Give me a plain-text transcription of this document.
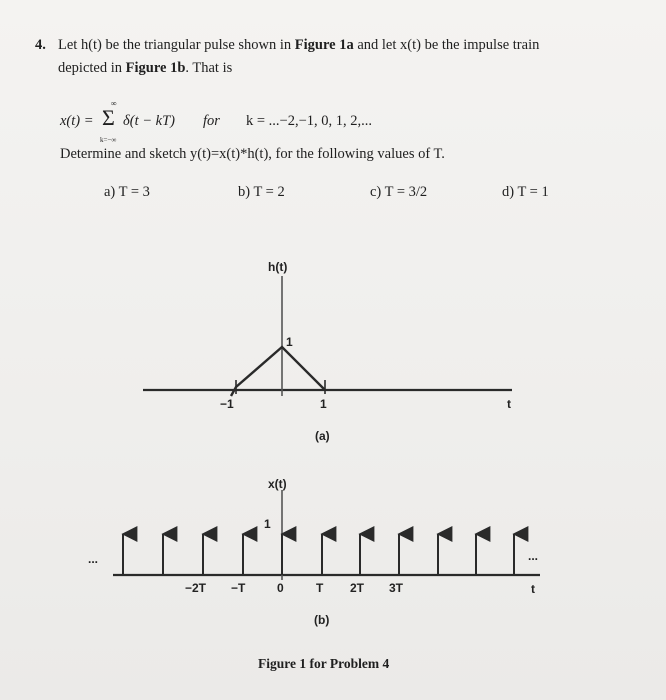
4. Let h(t) be the triangular pulse shown in Figure 1a and let x(t) be the impulse train
depicted in Figure 1b. That is
x(t) =
∞
Σ
k=−∞
δ(t − kT) for k = ...−2,−1, 0, 1, 2,...
Determine and sketch y(t)=x(t)*h(t), for the following values of T.
a) T = 3	b) T = 2	c) T = 3/2	d) T = 1
h(t)
1
−1	1	t
(a)
...	...
x(t)
1
−2T −T	0	T 2T 3T	t
(b)
Figure 1 for Problem 4
